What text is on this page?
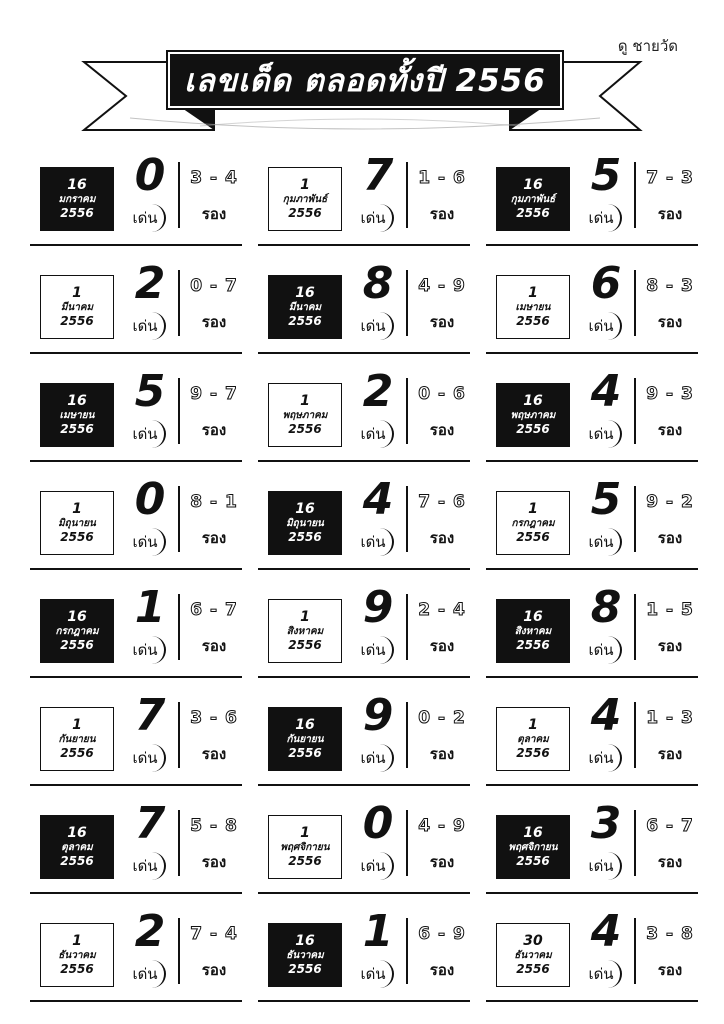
ดู ชายวัด
เลขเด็ด ตลอดทั้งปี 2556
16
มกราคม
2556
0
เด่น
3 - 4
รอง
1
กุมภาพันธ์
2556
7
เด่น
1 - 6
รอง
16
กุมภาพันธ์
2556
5
เด่น
7 - 3
รอง
1
มีนาคม
2556
2
เด่น
0 - 7
รอง
16
มีนาคม
2556
8
เด่น
4 - 9
รอง
1
เมษายน
2556
6
เด่น
8 - 3
รอง
16
เมษายน
2556
5
เด่น
9 - 7
รอง
1
พฤษภาคม
2556
2
เด่น
0 - 6
รอง
16
พฤษภาคม
2556
4
เด่น
9 - 3
รอง
1
มิถุนายน
2556
0
เด่น
8 - 1
รอง
16
มิถุนายน
2556
4
เด่น
7 - 6
รอง
1
กรกฎาคม
2556
5
เด่น
9 - 2
รอง
16
กรกฎาคม
2556
1
เด่น
6 - 7
รอง
1
สิงหาคม
2556
9
เด่น
2 - 4
รอง
16
สิงหาคม
2556
8
เด่น
1 - 5
รอง
1
กันยายน
2556
7
เด่น
3 - 6
รอง
16
กันยายน
2556
9
เด่น
0 - 2
รอง
1
ตุลาคม
2556
4
เด่น
1 - 3
รอง
16
ตุลาคม
2556
7
เด่น
5 - 8
รอง
1
พฤศจิกายน
2556
0
เด่น
4 - 9
รอง
16
พฤศจิกายน
2556
3
เด่น
6 - 7
รอง
1
ธันวาคม
2556
2
เด่น
7 - 4
รอง
16
ธันวาคม
2556
1
เด่น
6 - 9
รอง
30
ธันวาคม
2556
4
เด่น
3 - 8
รอง
